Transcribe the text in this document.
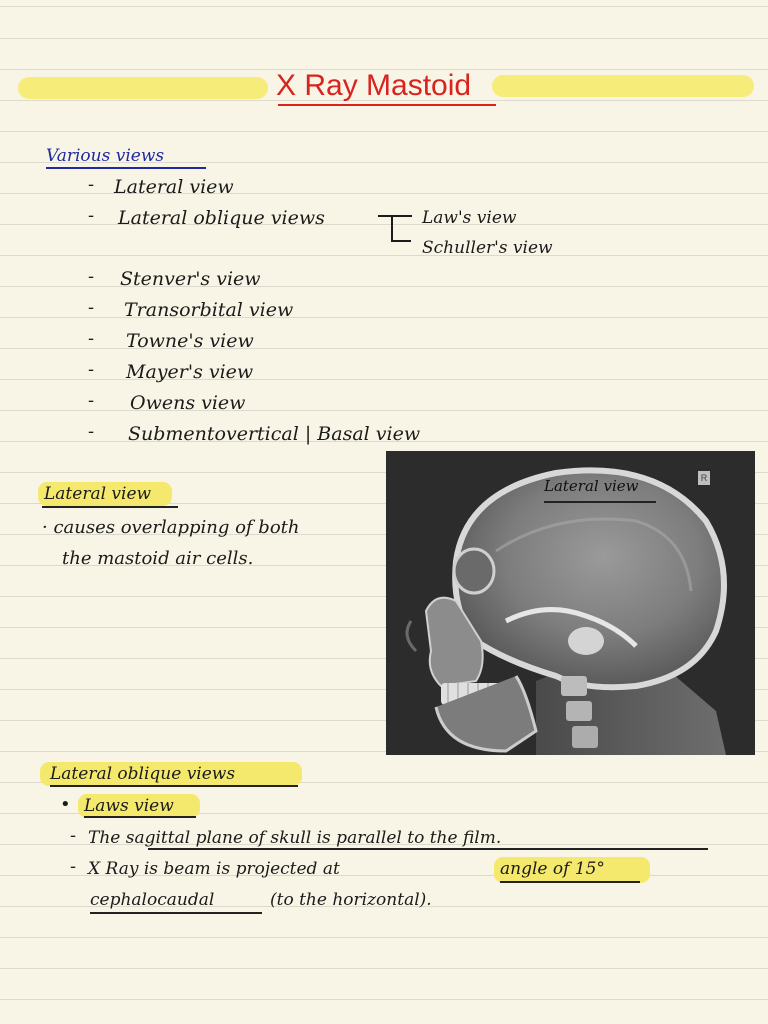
X Ray Mastoid
Various views
- Lateral view
- Lateral oblique views	Law's view
Schuller's view
- Stenver's view
- Transorbital view
- Towne's view
- Mayer's view
- Owens view
- Submentovertical | Basal view
Lateral view
· causes overlapping of both
the mastoid air cells.
Lateral view	R
Lateral oblique views
• Laws view
- The sagittal plane of skull is parallel to the film.
- X Ray is beam is projected at	angle of 15°
cephalocaudal	(to the horizontal).
